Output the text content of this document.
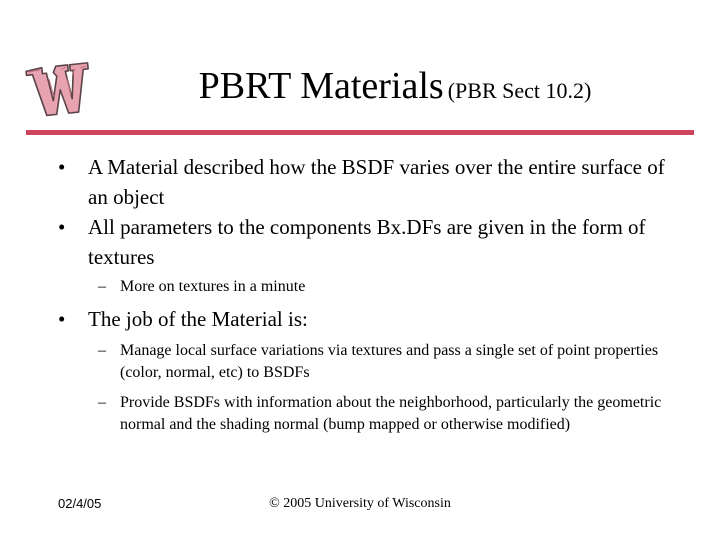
PBRT Materials (PBR Sect 10.2)
• A Material described how the BSDF varies over the entire surface of an object
• All parameters to the components Bx.DFs are given in the form of textures
– More on textures in a minute
• The job of the Material is:
– Manage local surface variations via textures and pass a single set of point properties (color, normal, etc) to BSDFs
– Provide BSDFs with information about the neighborhood, particularly the geometric normal and the shading normal (bump mapped or otherwise modified)
02/4/05	© 2005 University of Wisconsin
